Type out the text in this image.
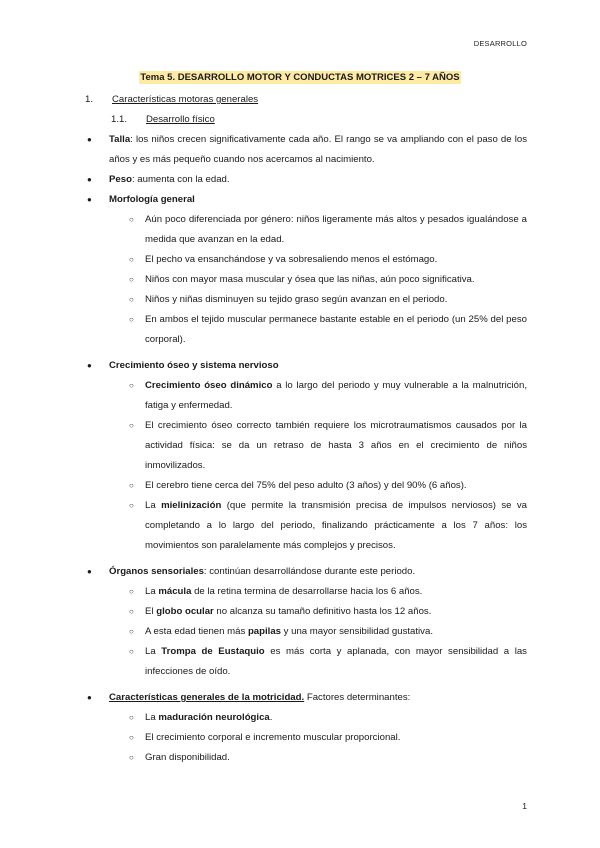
DESARROLLO
Tema 5. DESARROLLO MOTOR Y CONDUCTAS MOTRICES 2 – 7 AÑOS
1. Características motoras generales
1.1. Desarrollo físico
● Talla: los niños crecen significativamente cada año. El rango se va ampliando con el paso de los años y es más pequeño cuando nos acercamos al nacimiento.
● Peso: aumenta con la edad.
● Morfología general
○ Aún poco diferenciada por género: niños ligeramente más altos y pesados igualándose a medida que avanzan en la edad.
○ El pecho va ensanchándose y va sobresaliendo menos el estómago.
○ Niños con mayor masa muscular y ósea que las niñas, aún poco significativa.
○ Niños y niñas disminuyen su tejido graso según avanzan en el periodo.
○ En ambos el tejido muscular permanece bastante estable en el periodo (un 25% del peso corporal).
● Crecimiento óseo y sistema nervioso
○ Crecimiento óseo dinámico a lo largo del periodo y muy vulnerable a la malnutrición, fatiga y enfermedad.
○ El crecimiento óseo correcto también requiere los microtraumatismos causados por la actividad física: se da un retraso de hasta 3 años en el crecimiento de niños inmovilizados.
○ El cerebro tiene cerca del 75% del peso adulto (3 años) y del 90% (6 años).
○ La mielinización (que permite la transmisión precisa de impulsos nerviosos) se va completando a lo largo del periodo, finalizando prácticamente a los 7 años: los movimientos son paralelamente más complejos y precisos.
● Órganos sensoriales: continúan desarrollándose durante este periodo.
○ La mácula de la retina termina de desarrollarse hacia los 6 años.
○ El globo ocular no alcanza su tamaño definitivo hasta los 12 años.
○ A esta edad tienen más papilas y una mayor sensibilidad gustativa.
○ La Trompa de Eustaquio es más corta y aplanada, con mayor sensibilidad a las infecciones de oído.
● Características generales de la motricidad. Factores determinantes:
○ La maduración neurológica.
○ El crecimiento corporal e incremento muscular proporcional.
○ Gran disponibilidad.
1
